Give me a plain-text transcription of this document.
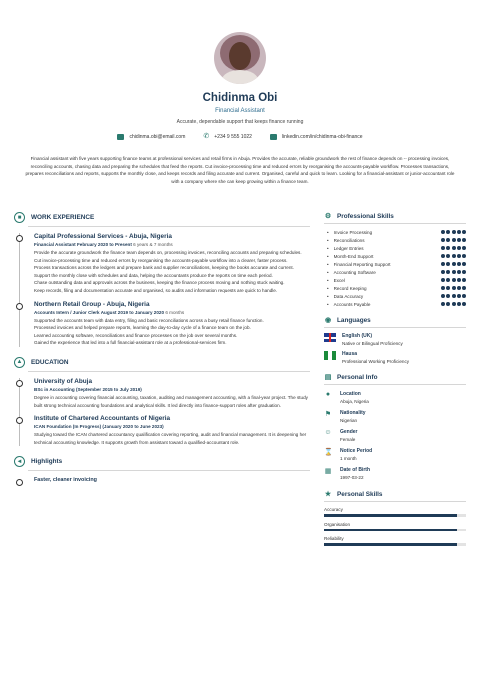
Chidinma Obi
Financial Assistant
Accurate, dependable support that keeps finance running
chidinma.obi@email.com	✆ +234 9 555 1022	linkedin.com/in/chidinma-obi-finance

Financial assistant with five years supporting finance teams at professional services and retail firms in Abuja. Provides the accurate, reliable groundwork the rest of finance depends on -- processing invoices, reconciling accounts, chasing data and preparing the schedules that feed the reports. Cut invoice-processing time and reduced errors by reorganising the accounts-payable workflow. Processes transactions, prepares reconciliations and reports, supports the monthly close, and keeps records and filing accurate and current. Organised, careful and quick to learn. Looking for a financial-assistant or junior-accountant role with a company where she can keep growing within a finance team.

■	WORK EXPERIENCE
Capital Professional Services - Abuja, Nigeria
Financial Assistant February 2020 to Present 6 years & 7 months

Provide the accurate groundwork the finance team depends on, processing invoices, reconciling accounts and preparing schedules.
Cut invoice-processing time and reduced errors by reorganising the accounts-payable workflow into a clearer, faster process.
Process transactions across the ledgers and prepare bank and supplier reconciliations, keeping the books accurate and current.
Support the monthly close with schedules and data, helping the accountants produce the reports on time each period.
Chase outstanding data and approvals across the business, keeping the finance process moving and nothing stuck waiting.
Keep records, filing and documentation accurate and organised, so audits and information requests are quick to handle.

Northern Retail Group - Abuja, Nigeria
Accounts Intern / Junior Clerk August 2019 to January 2020 6 months

Supported the accounts team with data entry, filing and basic reconciliations across a busy retail finance function.
Processed invoices and helped prepare reports, learning the day-to-day cycle of a finance team on the job.
Learned accounting software, reconciliations and finance processes on the job over several months.
Gained the experience that led into a full financial-assistant role at a professional-services firm.

▲	EDUCATION
University of Abuja
BSc in Accounting (September 2015 to July 2019)

Degree in accounting covering financial accounting, taxation, auditing and management accounting, with a final-year project. The study built strong technical accounting foundations and analytical skills. It led directly into finance-support roles after graduation.

Institute of Chartered Accountants of Nigeria
ICAN Foundation (In Progress) (January 2020 to June 2023)

Studying toward the ICAN chartered accountancy qualification covering reporting, audit and financial management. It is deepening her technical accounting knowledge. It supports growth from assistant toward a qualified-accountant role.

◄	Highlights
Faster, cleaner invoicing
⚙ Professional Skills
• Invoice Processing
• Reconciliations
• Ledger Entries
• Month-End Support
• Financial Reporting Support
• Accounting Software
• Excel
• Record Keeping
• Data Accuracy
• Accounts Payable
◉ Languages
English (UK)
Native or Bilingual Proficiency
Hausa
Professional Working Proficiency
▤ Personal Info
●	Location
Abuja, Nigeria
⚑ Nationality
Nigerian
☺ Gender
Female
⌛ Notice Period
1 month
▦ Date of Birth
1997-03-22
★ Personal Skills
Accuracy
Organisation
Reliability
